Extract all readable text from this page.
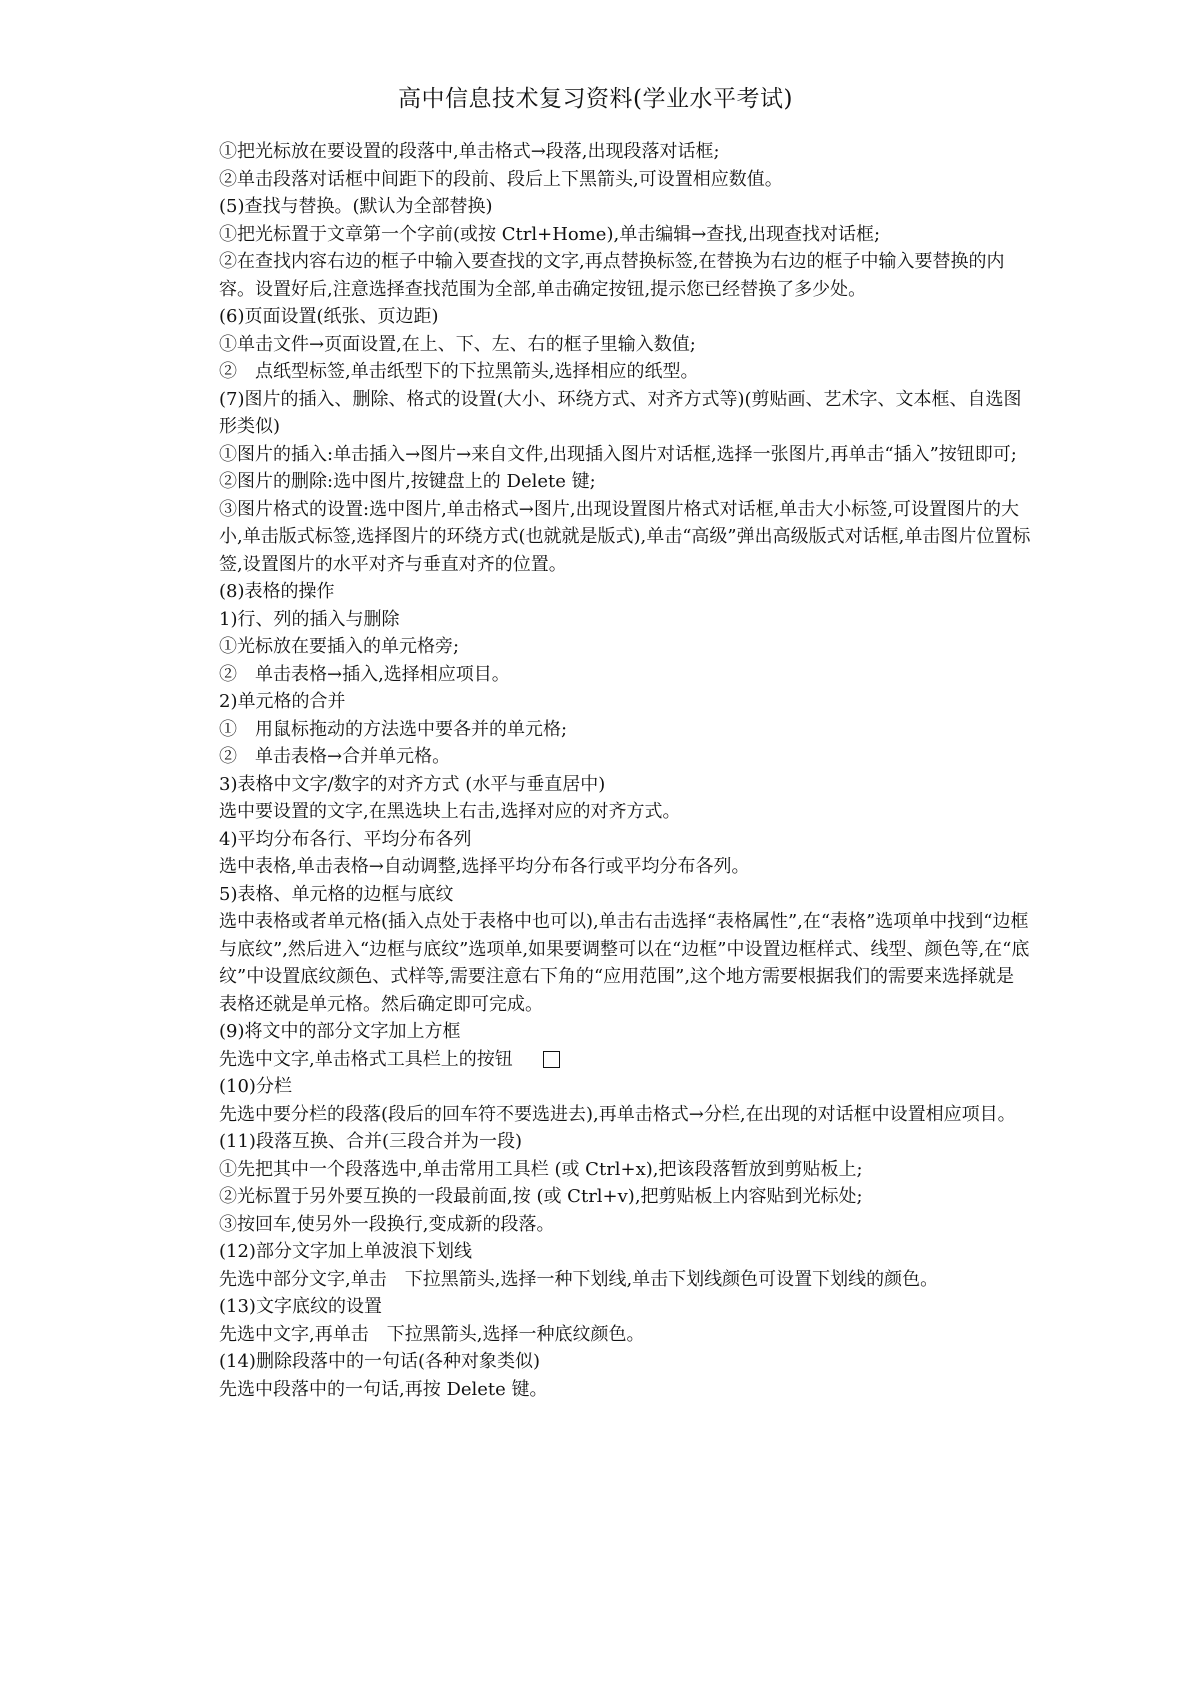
高中信息技术复习资料(学业水平考试)

①把光标放在要设置的段落中,单击格式→段落,出现段落对话框;

②单击段落对话框中间距下的段前、段后上下黑箭头,可设置相应数值。

(5)查找与替换。(默认为全部替换)

①把光标置于文章第一个字前(或按 Ctrl+Home),单击编辑→查找,出现查找对话框;

②在查找内容右边的框子中输入要查找的文字,再点替换标签,在替换为右边的框子中输入要替换的内容。设置好后,注意选择查找范围为全部,单击确定按钮,提示您已经替换了多少处。

(6)页面设置(纸张、页边距)

①单击文件→页面设置,在上、下、左、右的框子里输入数值;

②　点纸型标签,单击纸型下的下拉黑箭头,选择相应的纸型。

(7)图片的插入、删除、格式的设置(大小、环绕方式、对齐方式等)(剪贴画、艺术字、文本框、自选图形类似)

①图片的插入:单击插入→图片→来自文件,出现插入图片对话框,选择一张图片,再单击“插入”按钮即可;

②图片的删除:选中图片,按键盘上的 Delete 键;

③图片格式的设置:选中图片,单击格式→图片,出现设置图片格式对话框,单击大小标签,可设置图片的大小,单击版式标签,选择图片的环绕方式(也就就是版式),单击“高级”弹出高级版式对话框,单击图片位置标签,设置图片的水平对齐与垂直对齐的位置。

(8)表格的操作

1)行、列的插入与删除

①光标放在要插入的单元格旁;

②　单击表格→插入,选择相应项目。

2)单元格的合并

①　用鼠标拖动的方法选中要各并的单元格;

②　单击表格→合并单元格。

3)表格中文字/数字的对齐方式 (水平与垂直居中)

选中要设置的文字,在黑选块上右击,选择对应的对齐方式。

4)平均分布各行、平均分布各列

选中表格,单击表格→自动调整,选择平均分布各行或平均分布各列。

5)表格、单元格的边框与底纹

选中表格或者单元格(插入点处于表格中也可以),单击右击选择“表格属性”,在“表格”选项单中找到“边框与底纹”,然后进入“边框与底纹”选项单,如果要调整可以在“边框”中设置边框样式、线型、颜色等,在“底纹”中设置底纹颜色、式样等,需要注意右下角的“应用范围”,这个地方需要根据我们的需要来选择就是表格还就是单元格。然后确定即可完成。

(9)将文中的部分文字加上方框

先选中文字,单击格式工具栏上的按钮

(10)分栏

先选中要分栏的段落(段后的回车符不要选进去),再单击格式→分栏,在出现的对话框中设置相应项目。

(11)段落互换、合并(三段合并为一段)

①先把其中一个段落选中,单击常用工具栏 (或 Ctrl+x),把该段落暂放到剪贴板上;

②光标置于另外要互换的一段最前面,按 (或 Ctrl+v),把剪贴板上内容贴到光标处;

③按回车,使另外一段换行,变成新的段落。

(12)部分文字加上单波浪下划线

先选中部分文字,单击　下拉黑箭头,选择一种下划线,单击下划线颜色可设置下划线的颜色。

(13)文字底纹的设置

先选中文字,再单击　下拉黑箭头,选择一种底纹颜色。

(14)删除段落中的一句话(各种对象类似)

先选中段落中的一句话,再按 Delete 键。
